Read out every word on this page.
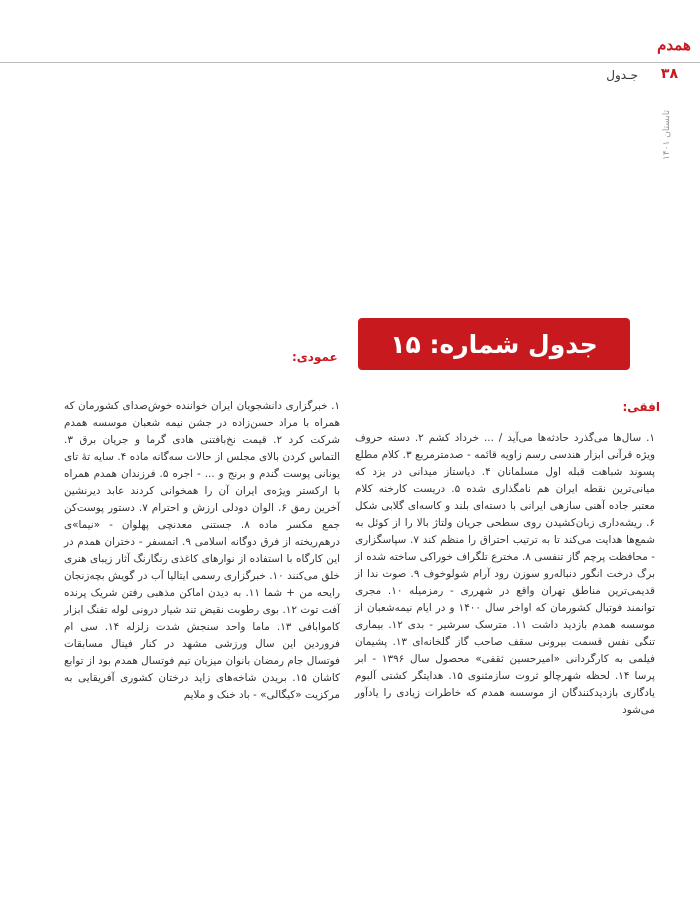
همدم
۳۸
جـدول
تابستان ۱۴۰۱
جدول شماره: ۱۵
افقی:

۱. سال‌ها می‌گذرد حادثه‌ها می‌آید / ... خرداد کشم ۲. دسته حروف ویژه قرآنی ابزار هندسی رسم زاویه قائمه - صدمترمربع ۳. کلام مطلع پسوند شباهت قبله اول مسلمانان ۴. دیاستاز میدانی در یزد که میانی‌ترین نقطه ایران هم نامگذاری شده ۵. دریست کارخنه کلام معتبر جاده آهنی سازهی ایرانی با دسته‌ای بلند و کاسه‌ای گلابی شکل ۶. ریشه‌داری زبان‌کشیدن روی سطحی جریان ولتاژ بالا را از کوئل به شمع‌ها هدایت می‌کند تا به ترتیب احتراق را منظم کند ۷. سپاسگزاری - محافظت پرچم گاز تنفسی ۸. مخترع تلگراف خوراکی ساخته شده از برگ درخت انگور دنباله‌رو سوزن رود آرام شولوخوف ۹. صوت ندا از قدیمی‌ترین مناطق تهران واقع در شهرری - رمزمیله ۱۰. مجری توانمند فوتبال کشورمان که اواخر سال ۱۴۰۰ و در ایام نیمه‌شعبان از موسسه همدم بازدید داشت ۱۱. مترسک سرشیر - بدی ۱۲. بیماری تنگی نفس قسمت بیرونی سقف صاحب گاز گلخانه‌ای ۱۳. پشیمان فیلمی به کارگردانی «امیرحسین ثقفی» محصول سال ۱۳۹۶ - ابر پرسا ۱۴. لحظه شهرچالو ثروت سازمثنوی ۱۵. هدایتگر کشتی آلبوم یادگاری بازدیدکنندگان از موسسه همدم که خاطرات زیادی را یادآور می‌شود

عمودی:

۱. خبرگزاری دانشجویان ایران خواننده خوش‌صدای کشورمان که همراه با مراد حسن‌زاده در جشن نیمه شعبان موسسه همدم شرکت کرد ۲. قیمت نخ‌بافتنی هادی گرما و جریان برق ۳. التماس کردن بالای مجلس از حالات سه‌گانه ماده ۴. سایه تهٔ تای یونانی پوست گندم و برنج و ... - اجره ۵. فرزندان همدم همراه با ارکستر ویژه‌ی ایران آن را همخوانی کردند عابد دیرنشین آخرین رمق ۶. الوان دودلی ارزش و احترام ۷. دستور پوست‌کن جمع مکسر ماده ۸. جستنی معدنچی پهلوان - «نیما»ی درهم‌ریخته از فرق دوگانه اسلامی ۹. اتمسفر - دختران همدم در این کارگاه با استفاده از نوارهای کاغذی رنگارنگ آثار زیبای هنری خلق می‌کنند ۱۰. خبرگزاری رسمی ایتالیا آب در گویش بچه‌زنجان رایحه من + شما ۱۱. به دیدن اماکن مذهبی رفتن شریک پرنده آفت توت ۱۲. بوی رطوبت نقیض تند شیار درونی لوله تفنگ ابزار کاموابافی ۱۳. ماما واحد سنجش شدت زلزله ۱۴. سی ام فروردین این سال ورزشی مشهد در کنار فینال مسابقات فوتسال جام رمضان بانوان میزبان تیم فوتسال همدم بود از توابع کاشان ۱۵. بریدن شاخه‌های زاید درختان کشوری آفریقایی به مرکزیت «کیگالی» - باد خنک و ملایم
